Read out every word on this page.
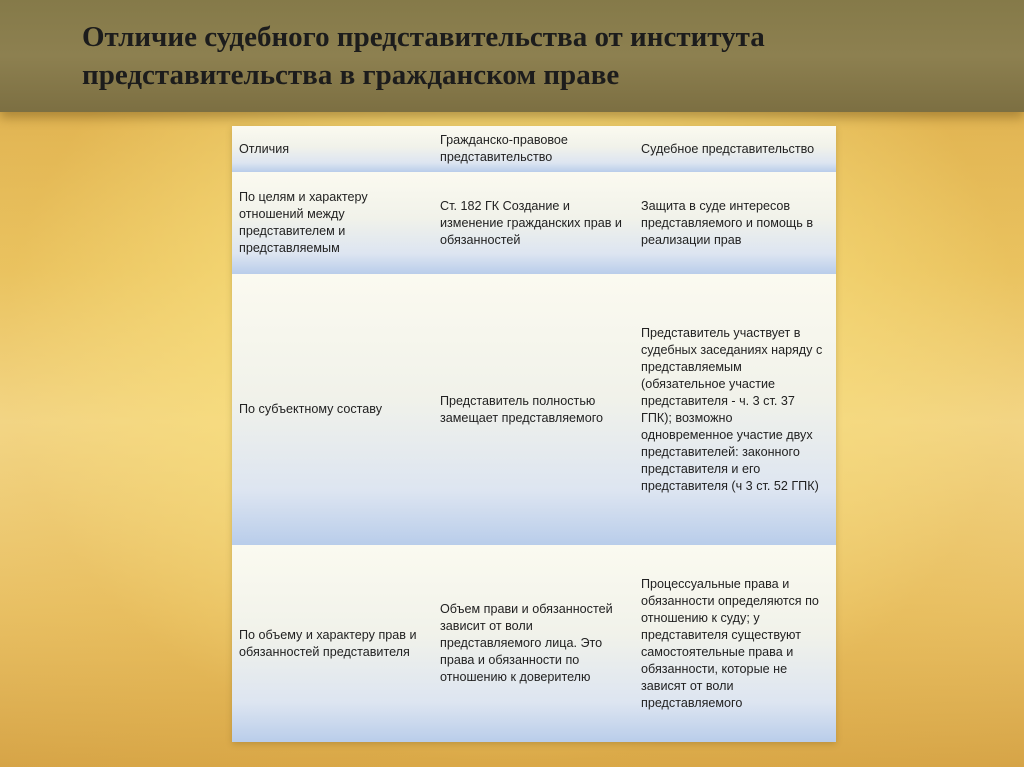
Отличие судебного представительства от института
представительства в гражданском праве
Отличия	Гражданско-правовое представительство	Судебное представительство
По целям и характеру отношений между представителем и представляемым	Ст. 182 ГК Создание и изменение гражданских прав и обязанностей	Защита в суде интересов представляемого и помощь в реализации прав
По субъектному составу	Представитель полностью замещает представляемого	Представитель участвует в судебных заседаниях наряду с представляемым (обязательное участие представителя - ч. 3 ст. 37 ГПК); возможно одновременное участие двух представителей: законного представителя и его представителя (ч 3 ст. 52 ГПК)
По объему и характеру прав и обязанностей представителя	Объем прави и обязанностей зависит от воли представляемого лица. Это права и обязанности по отношению к доверителю	Процессуальные права и обязанности определяются по отношению к суду; у представителя существуют самостоятельные права и обязанности, которые не зависят от воли представляемого
